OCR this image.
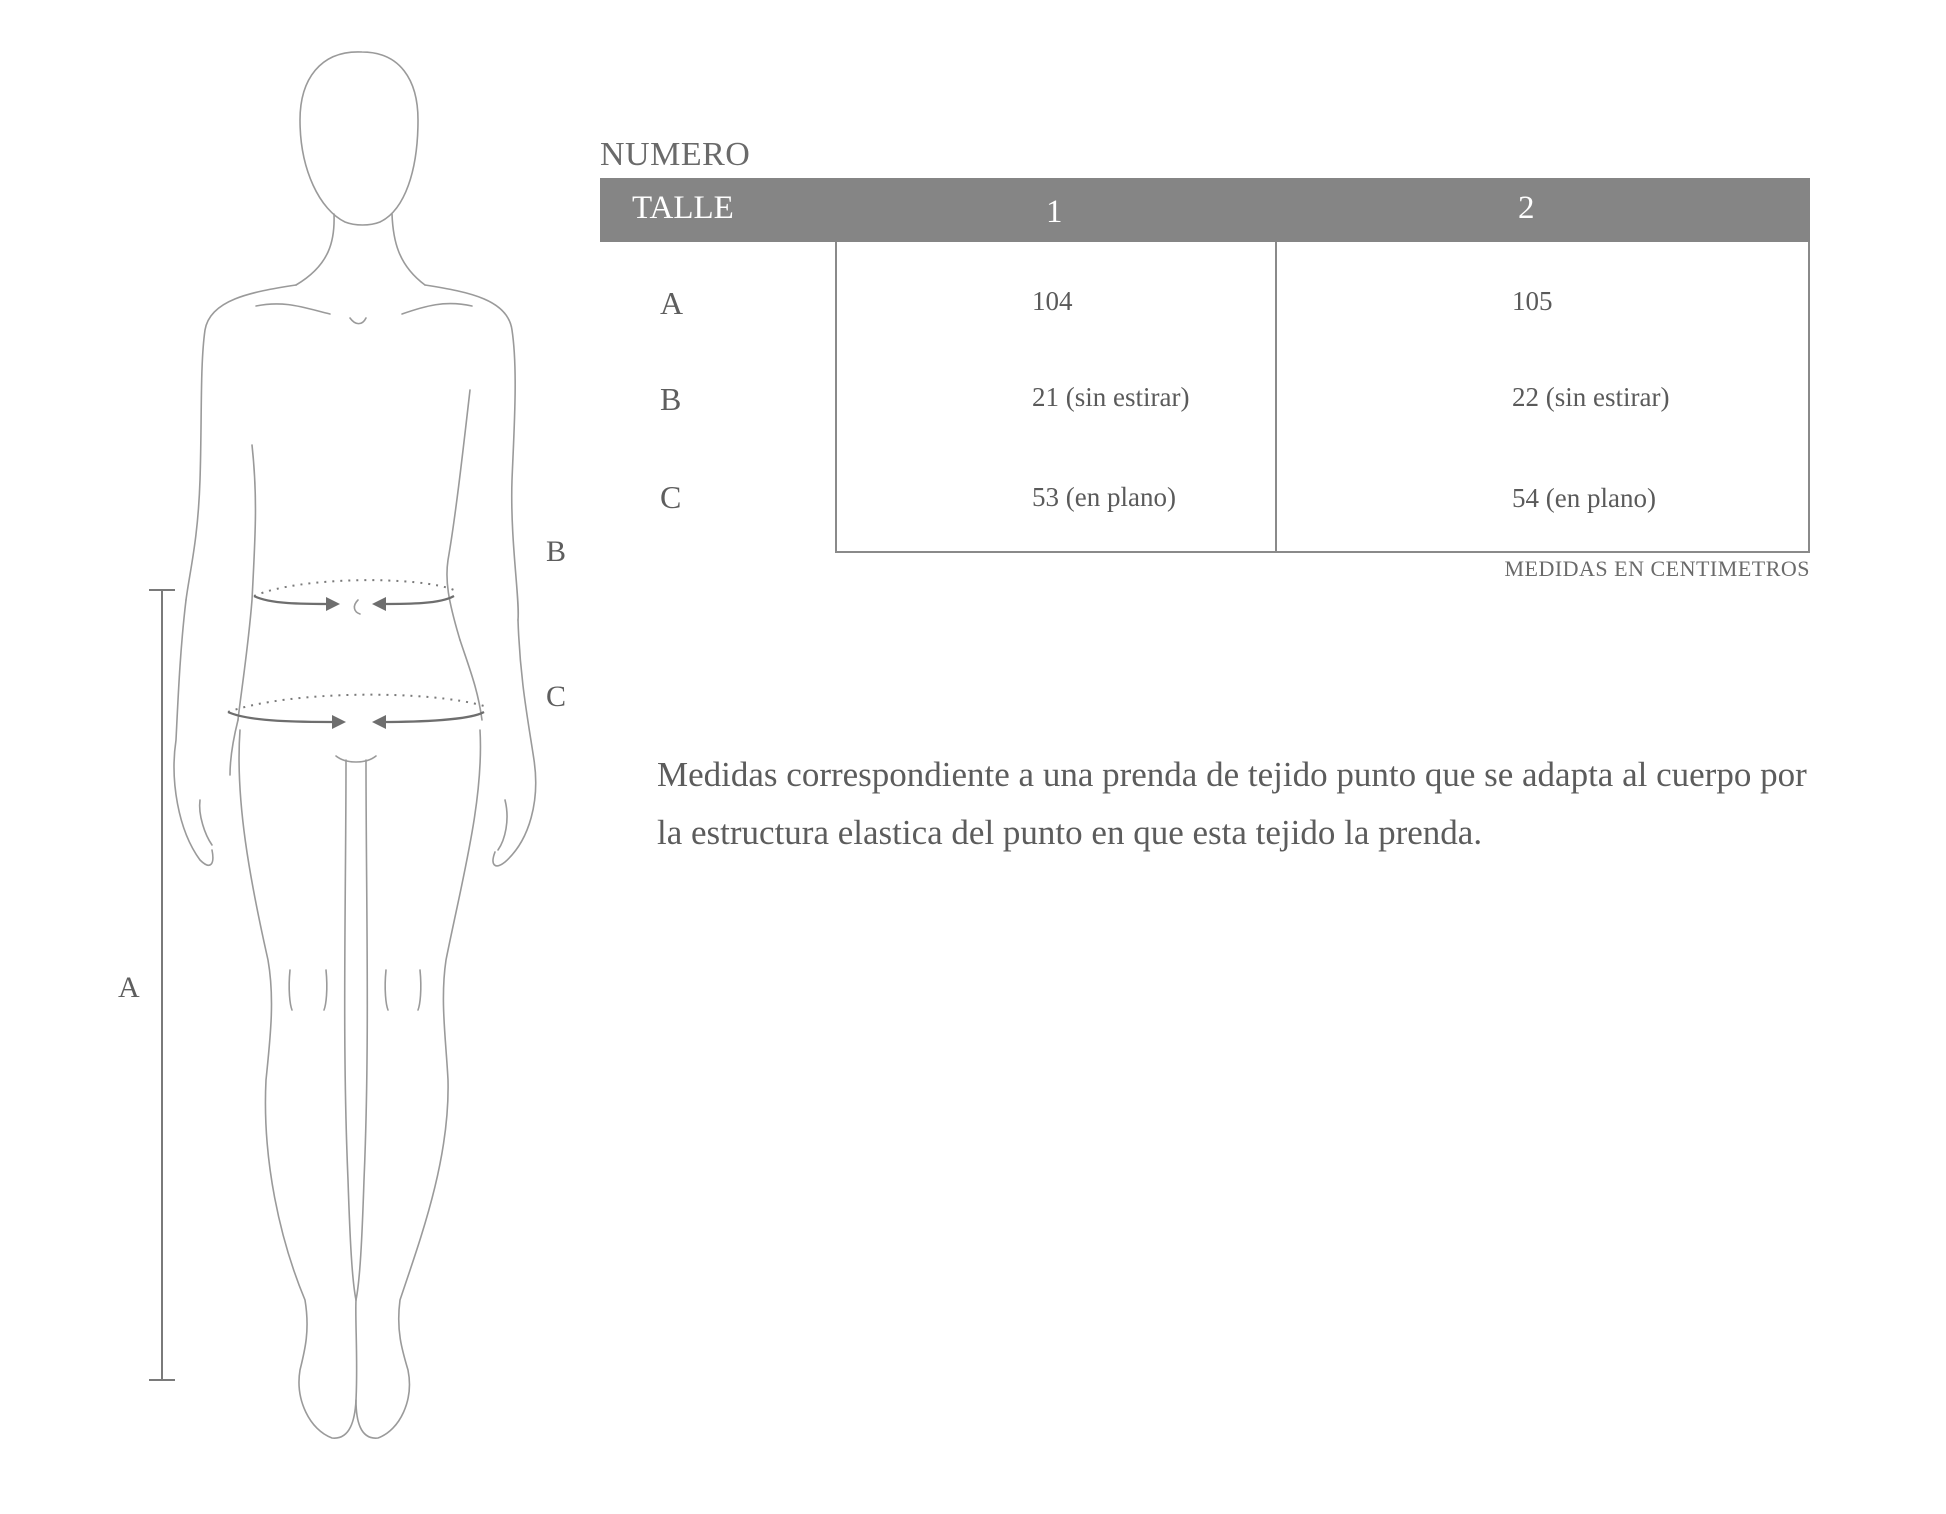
A
B
C
NUMERO
TALLE	1	2
A	104	105
B	21 (sin estirar)	22 (sin estirar)
C	53 (en plano)	54 (en plano)
MEDIDAS EN CENTIMETROS

Medidas correspondiente a una prenda de tejido punto que se adapta al cuerpo por la estructura elastica del punto en que esta tejido la prenda.
